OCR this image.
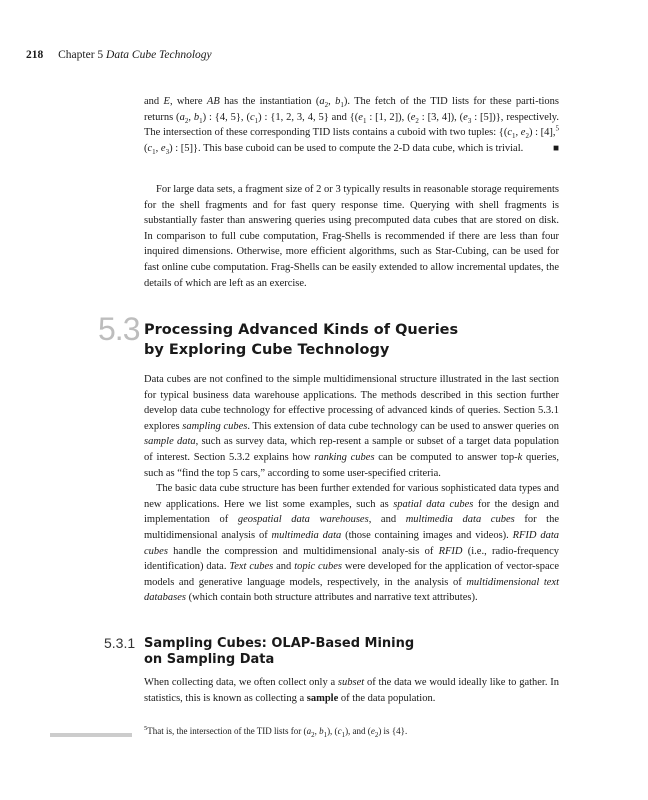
218 Chapter 5 Data Cube Technology

and E, where AB has the instantiation ($a_2$, $b_1$). The fetch of the TID lists for these parti-tions returns ($a_2$, $b_1$) : {4, 5}, $(c_1)$ : {1, 2, 3, 4, 5} and {($e_1$ : [1, 2]), ($e_2$ : [3, 4]), ($e_3$ : [5])}, respectively. The intersection of these corresponding TID lists contains a cuboid with two tuples: {($c_1$, $e_2$) : [4],$^5$ ($c_1$, $e_3$) : [5]}. This base cuboid can be used to compute the 2-D data cube, which is trivial.	■

For large data sets, a fragment size of 2 or 3 typically results in reasonable storage requirements for the shell fragments and for fast query response time. Querying with shell fragments is substantially faster than answering queries using precomputed data cubes that are stored on disk. In comparison to full cube computation, Frag-Shells is recommended if there are less than four inquired dimensions. Otherwise, more efficient algorithms, such as Star-Cubing, can be used for fast online cube computation. Frag-Shells can be easily extended to allow incremental updates, the details of which are left as an exercise.

5.3 Processing Advanced Kinds of Queries
by Exploring Cube Technology

Data cubes are not confined to the simple multidimensional structure illustrated in the last section for typical business data warehouse applications. The methods described in this section further develop data cube technology for effective processing of advanced kinds of queries. Section 5.3.1 explores sampling cubes. This extension of data cube technology can be used to answer queries on sample data, such as survey data, which rep-resent a sample or subset of a target data population of interest. Section 5.3.2 explains how ranking cubes can be computed to answer top-k queries, such as “find the top 5 cars,” according to some user-specified criteria.

The basic data cube structure has been further extended for various sophisticated data types and new applications. Here we list some examples, such as spatial data cubes for the design and implementation of geospatial data warehouses, and multimedia data cubes for the multidimensional analysis of multimedia data (those containing images and videos). RFID data cubes handle the compression and multidimensional analy-sis of RFID (i.e., radio-frequency identification) data. Text cubes and topic cubes were developed for the application of vector-space models and generative language models, respectively, in the analysis of multidimensional text databases (which contain both structure attributes and narrative text attributes).

5.3.1 Sampling Cubes: OLAP-Based Mining
on Sampling Data

When collecting data, we often collect only a subset of the data we would ideally like to gather. In statistics, this is known as collecting a sample of the data population.

$^5$That is, the intersection of the TID lists for ($a_2$, $b_1$), $(c_1)$, and $(e_2)$ is {4}.
